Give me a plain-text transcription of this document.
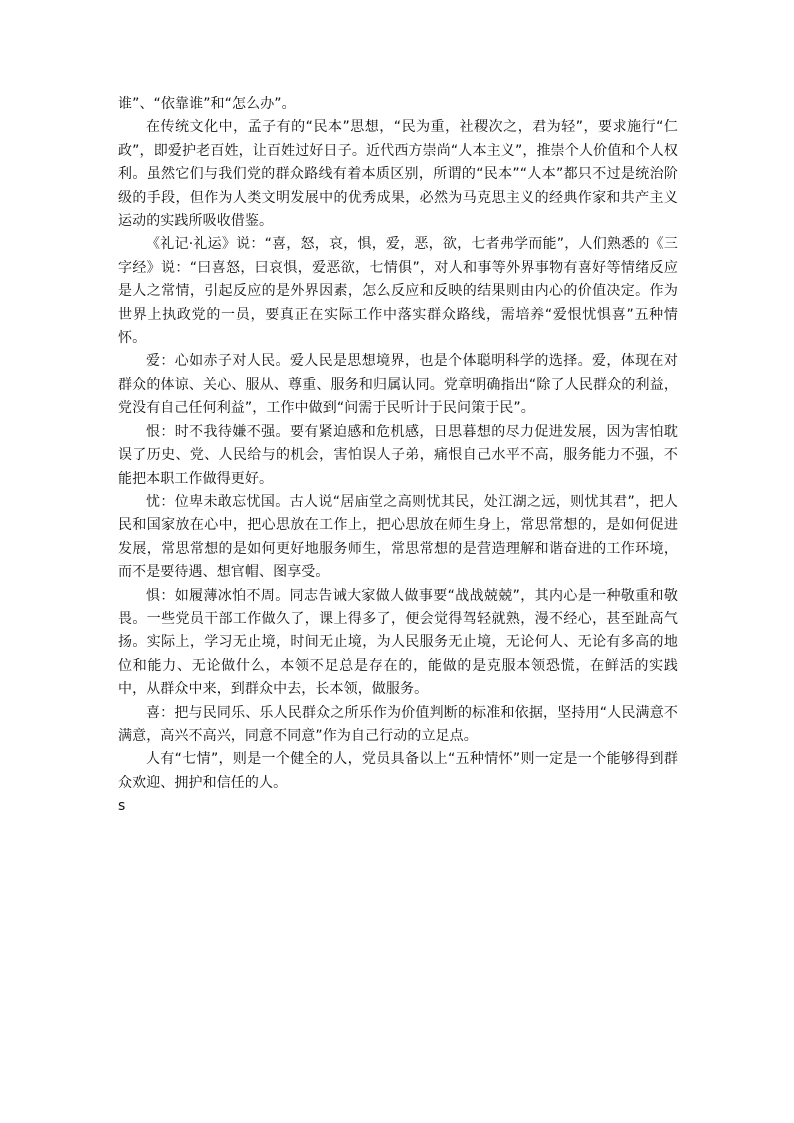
谁”、“依靠谁”和“怎么办”。

在传统文化中，孟子有的“民本”思想，“民为重，社稷次之，君为轻”，要求施行“仁政”，即爱护老百姓，让百姓过好日子。近代西方崇尚“人本主义”，推崇个人价值和个人权利。虽然它们与我们党的群众路线有着本质区别，所谓的“民本”“人本”都只不过是统治阶级的手段，但作为人类文明发展中的优秀成果，必然为马克思主义的经典作家和共产主义运动的实践所吸收借鉴。

《礼记·礼运》说：“喜，怒，哀，惧，爱，恶，欲，七者弗学而能”，人们熟悉的《三字经》说：“曰喜怒，曰哀惧，爱恶欲，七情俱”，对人和事等外界事物有喜好等情绪反应是人之常情，引起反应的是外界因素，怎么反应和反映的结果则由内心的价值决定。作为世界上执政党的一员，要真正在实际工作中落实群众路线，需培养“爱恨忧惧喜”五种情怀。

爱：心如赤子对人民。爱人民是思想境界，也是个体聪明科学的选择。爱，体现在对群众的体谅、关心、服从、尊重、服务和归属认同。党章明确指出“除了人民群众的利益，党没有自己任何利益”，工作中做到“问需于民听计于民问策于民”。

恨：时不我待嫌不强。要有紧迫感和危机感，日思暮想的尽力促进发展，因为害怕耽误了历史、党、人民给与的机会，害怕误人子弟，痛恨自己水平不高，服务能力不强，不能把本职工作做得更好。

忧：位卑未敢忘忧国。古人说“居庙堂之高则忧其民，处江湖之远，则忧其君”，把人民和国家放在心中，把心思放在工作上，把心思放在师生身上，常思常想的，是如何促进发展，常思常想的是如何更好地服务师生，常思常想的是营造理解和谐奋进的工作环境，而不是要待遇、想官帽、图享受。

惧：如履薄冰怕不周。同志告诫大家做人做事要“战战兢兢”，其内心是一种敬重和敬畏。一些党员干部工作做久了，课上得多了，便会觉得驾轻就熟，漫不经心，甚至趾高气扬。实际上，学习无止境，时间无止境，为人民服务无止境，无论何人、无论有多高的地位和能力、无论做什么，本领不足总是存在的，能做的是克服本领恐慌，在鲜活的实践中，从群众中来，到群众中去，长本领，做服务。

喜：把与民同乐、乐人民群众之所乐作为价值判断的标准和依据，坚持用“人民满意不满意，高兴不高兴，同意不同意”作为自己行动的立足点。

人有“七情”，则是一个健全的人，党员具备以上“五种情怀”则一定是一个能够得到群众欢迎、拥护和信任的人。

s
